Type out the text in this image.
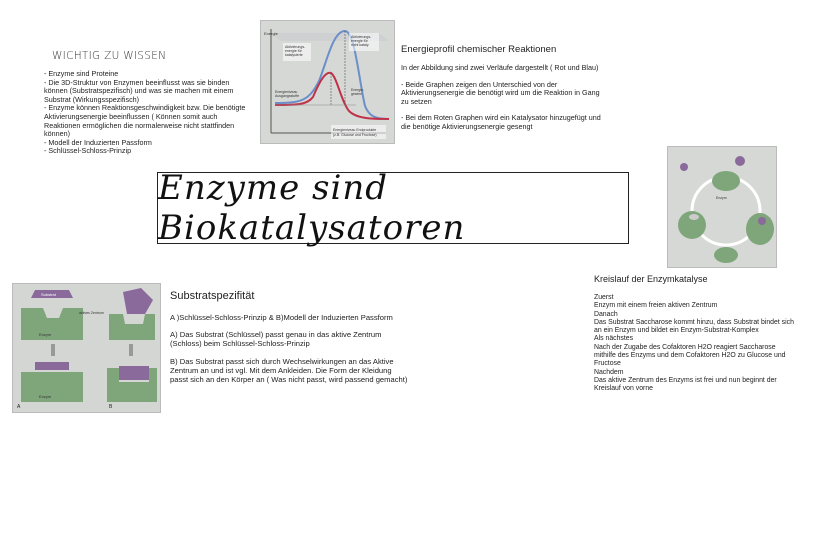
WICHTIG ZU WISSEN
- Enzyme sind Proteine
- Die 3D-Struktur von Enzymen beeinflusst was sie binden können (Substratspezifisch) und was sie machen mit einem Substrat (Wirkungsspezifisch)
- Enzyme können Reaktionsgeschwindigkeit bzw. Die benötigte Aktivierungsenergie beeinflussen ( Können somit auch Reaktionen ermöglichen die normalerweise nicht stattfinden können)
- Modell der Induzierten Passform
- Schlüssel-Schloss-Prinzip
Energie
Aktivierungs-
energie für
katalysierte
Aktivierungs-
energie für
nicht kataly.
Energieniveau
Ausgangsstoffe
Energie-
gewinn
Energieniveau Endprodukte
(z.B. Glucose und Fructose)
Energieprofil chemischer Reaktionen
In der Abbildung sind zwei Verläufe dargestellt ( Rot und Blau)
- Beide Graphen zeigen den Unterschied von der Aktivierungsenergie die benötigt wird um die Reaktion in Gang zu setzen
- Bei dem Roten Graphen wird ein Katalysator hinzugefügt und die benötige Aktivierungsenergie gesengt
Enzyme sind Biokatalysatoren
Enzym
Kreislauf der Enzymkatalyse
Zuerst
Enzym mit einem freien aktiven Zentrum
Danach
Das Substrat Saccharose kommt hinzu, dass Substrat bindet sich an ein Enzym und bildet ein Enzym-Substrat-Komplex
Als nächstes
Nach der Zugabe des Cofaktoren H2O reagiert Saccharose mithilfe des Enzyms und dem Cofaktoren H2O zu Glucose und Fructose
Nachdem
Das aktive Zentrum des Enzyms ist frei und nun beginnt der Kreislauf von vorne
Substrat
Enzym
aktives Zentrum
Enzym
A	B
Substratspezifität
A )Schlüssel-Schloss-Prinzip & B)Modell der Induzierten Passform
A) Das Substrat (Schlüssel) passt genau in das aktive Zentrum (Schloss) beim Schlüssel-Schloss-Prinzip
B) Das Substrat passt sich durch Wechselwirkungen an das Aktive Zentrum an und ist vgl. Mit dem Ankleiden. Die Form der Kleidung passt sich an den Körper an ( Was nicht passt, wird passend gemacht)
